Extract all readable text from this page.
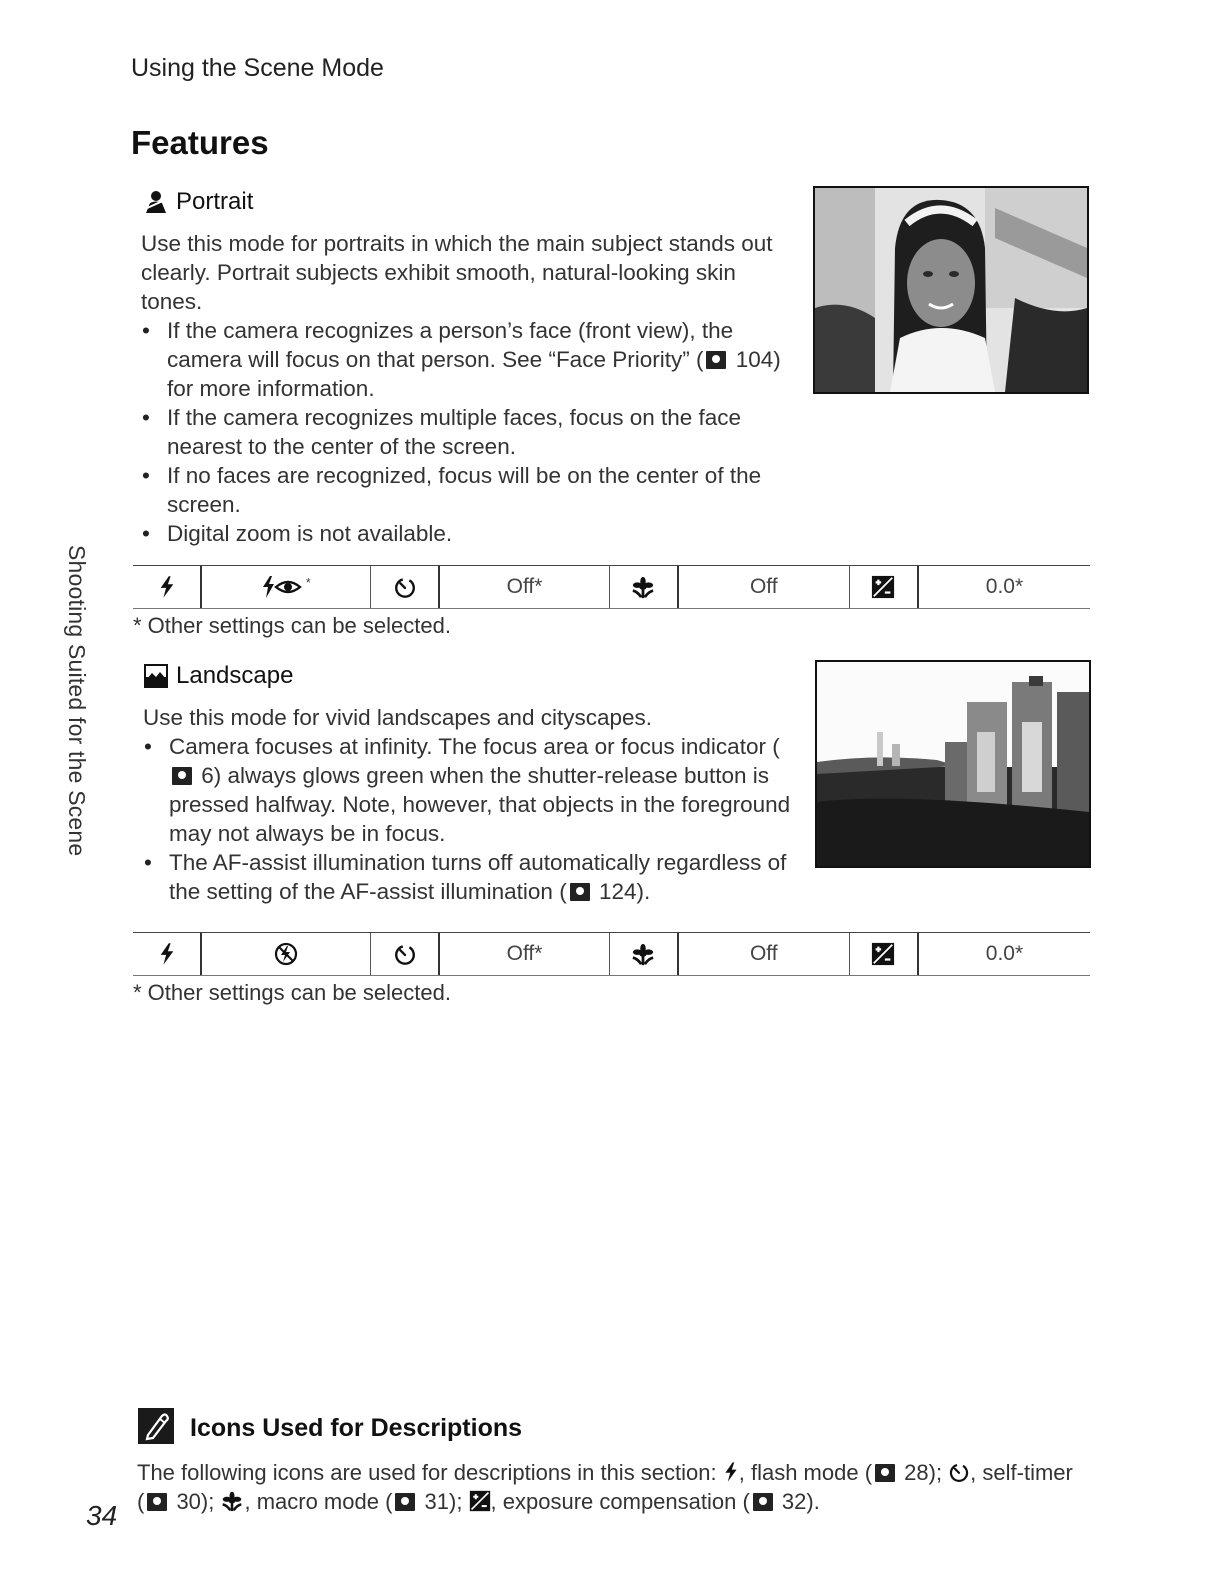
Using the Scene Mode
Features
Shooting Suited for the Scene
Portrait

Use this mode for portraits in which the main subject stands out clearly. Portrait subjects exhibit smooth, natural-looking skin tones.

• If the camera recognizes a person’s face (front view), the camera will focus on that person. See “Face Priority” ( 104) for more information.
• If the camera recognizes multiple faces, focus on the face nearest to the center of the screen.
• If no faces are recognized, focus will be on the center of the screen.
• Digital zoom is not available.
*	Off*	Off	0.0*
* Other settings can be selected.
Landscape

Use this mode for vivid landscapes and cityscapes.

• Camera focuses at infinity. The focus area or focus indicator ( 6) always glows green when the shutter-release button is pressed halfway. Note, however, that objects in the foreground may not always be in focus.
• The AF-assist illumination turns off automatically regardless of the setting of the AF-assist illumination ( 124).
Off*	Off	0.0*
* Other settings can be selected.
Icons Used for Descriptions
The following icons are used for descriptions in this section: , flash mode ( 28); , self-timer ( 30); , macro mode ( 31); , exposure compensation ( 32).
34
